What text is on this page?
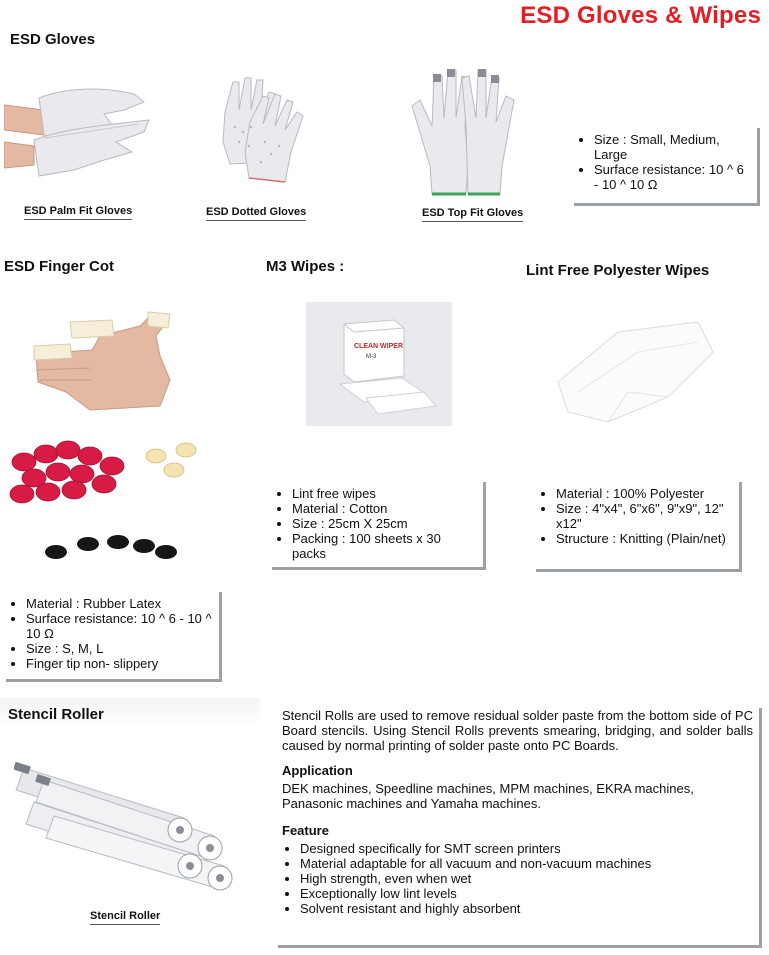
ESD Gloves & Wipes
ESD Gloves
ESD Palm Fit Gloves	ESD Dotted Gloves	ESD Top Fit Gloves
• Size : Small, Medium, Large
• Surface resistance: 10 ^ 6 - 10 ^ 10 Ω
ESD Finger Cot
• Material : Rubber Latex
• Surface resistance: 10 ^ 6 - 10 ^ 10 Ω
• Size : S, M, L
• Finger tip non- slippery
M3 Wipes :
CLEAN WIPER
M-3
• Lint free wipes
• Material : Cotton
• Size : 25cm X 25cm
• Packing : 100 sheets x 30 packs
Lint Free Polyester Wipes
• Material : 100% Polyester
• Size : 4"x4", 6"x6", 9"x9", 12" x12"
• Structure : Knitting (Plain/net)
Stencil Roller
Stencil Roller
Stencil Rolls are used to remove residual solder paste from the bottom side of PC Board stencils. Using Stencil Rolls prevents smearing, bridging, and solder balls caused by normal printing of solder paste onto PC Boards.
Application
DEK machines, Speedline machines, MPM machines, EKRA machines, Panasonic machines and Yamaha machines.
Feature
• Designed specifically for SMT screen printers
• Material adaptable for all vacuum and non-vacuum machines
• High strength, even when wet
• Exceptionally low lint levels
• Solvent resistant and highly absorbent
